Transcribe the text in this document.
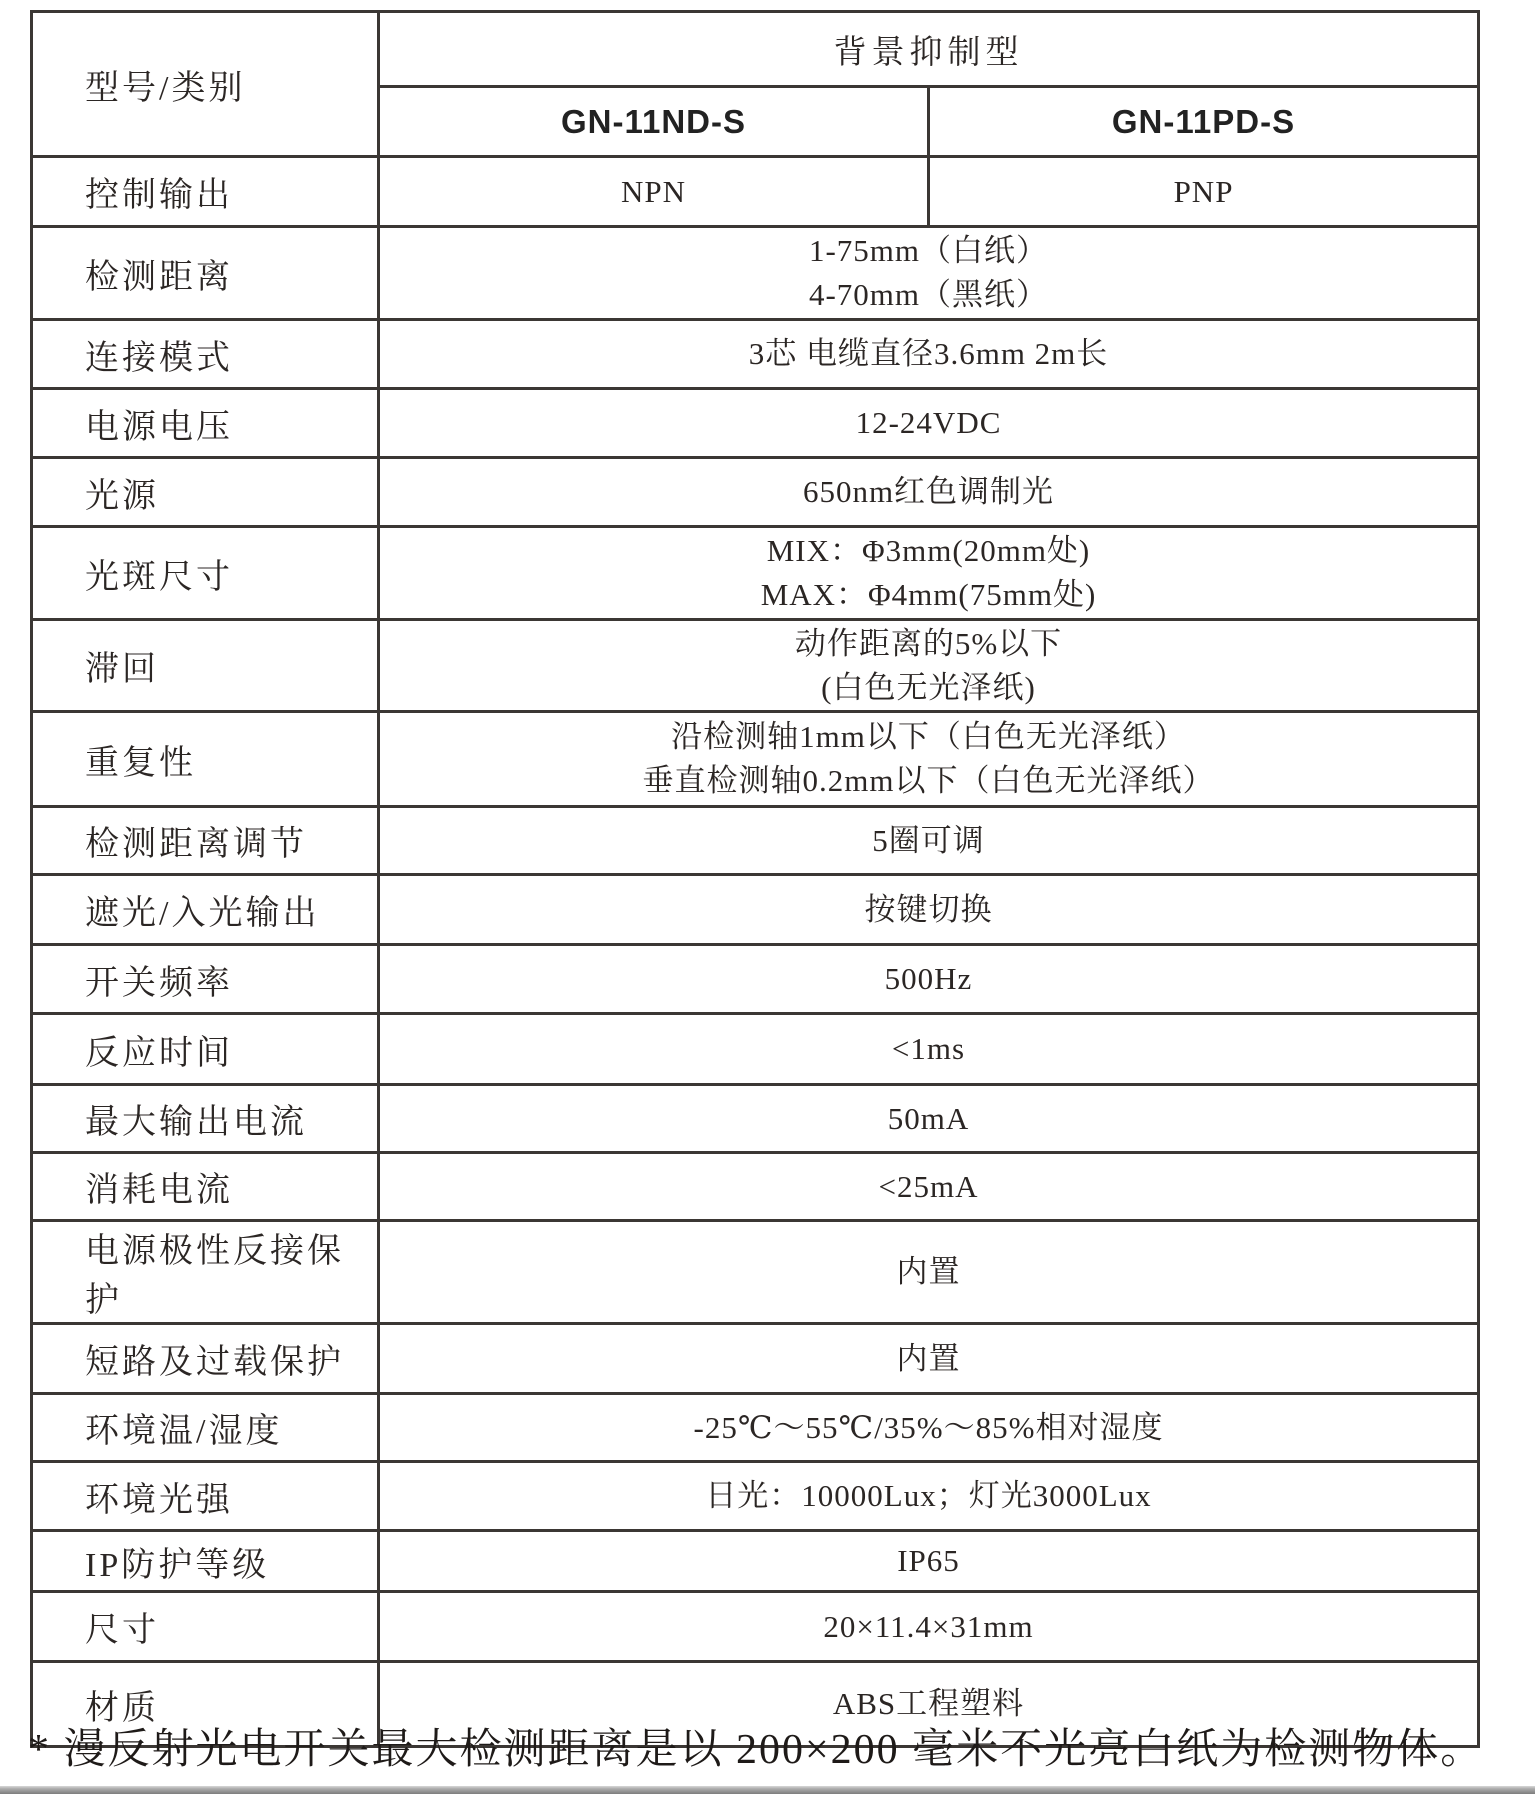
型号/类别	背景抑制型	
	GN-11ND-S	GN-11PD-S
控制输出	NPN	PNP
检测距离	1-75mm（白纸）
4-70mm（黑纸）	

连接模式	3芯 电缆直径3.6mm 2m长	

电源电压	12-24VDC	

光源	650nm红色调制光	

光斑尺寸	MIX：Φ3mm(20mm处)
MAX：Φ4mm(75mm处)	

滞回	动作距离的5%以下
(白色无光泽纸)	

重复性	沿检测轴1mm以下（白色无光泽纸）
垂直检测轴0.2mm以下（白色无光泽纸）	

检测距离调节	5圈可调	

遮光/入光输出	按键切换	

开关频率	500Hz	

反应时间	<1ms	

最大输出电流	50mA	

消耗电流	<25mA	

电源极性反接保护	内置	

短路及过载保护	内置	

环境温/湿度	-25℃～55℃/35%～85%相对湿度	

环境光强	日光：10000Lux；灯光3000Lux	

IP防护等级	IP65	

尺寸	20×11.4×31mm	

材质	ABS工程塑料	
* 漫反射光电开关最大检测距离是以 200×200 毫米不光亮白纸为检测物体。
